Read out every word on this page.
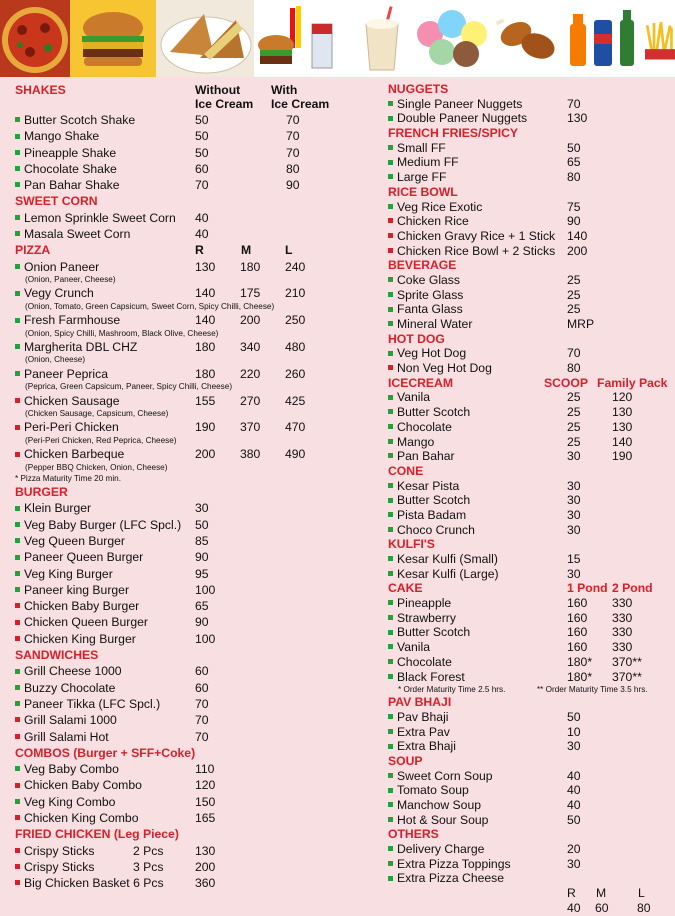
SHAKES	Without
Ice Cream
With
Ice Cream
Butter Scotch Shake	50	70
Mango Shake	50	70
Pineapple Shake	50	70
Chocolate Shake	60	80
Pan Bahar Shake	70	90
SWEET CORN
Lemon Sprinkle Sweet Corn 40
Masala Sweet Corn	40
PIZZA	R	M	L
Onion Paneer	130 180 240
(Onion, Paneer, Cheese)
Vegy Crunch	140 175 210
(Onion, Tomato, Green Capsicum, Sweet Corn, Spicy Chilli, Cheese)
Fresh Farmhouse	140 200 250
(Onion, Spicy Chilli, Mashroom, Black Olive, Cheese)
Margherita DBL CHZ	180 340 480
(Onion, Cheese)
Paneer Peprica	180 220 260
(Peprica, Green Capsicum, Paneer, Spicy Chilli, Cheese)
Chicken Sausage	155 270 425
(Chicken Sausage, Capsicum, Cheese)
Peri-Peri Chicken	190 370 470
(Peri-Peri Chicken, Red Peprica, Cheese)
Chicken Barbeque	200 380 490
(Pepper BBQ Chicken, Onion, Cheese)
* Pizza Maturity Time 20 min.
BURGER
Klein Burger	30
Veg Baby Burger (LFC Spcl.) 50
Veg Queen Burger	85
Paneer Queen Burger	90
Veg King Burger	95
Paneer king Burger	100
Chicken Baby Burger	65
Chicken Queen Burger	90
Chicken King Burger	100
SANDWICHES
Grill Cheese 1000	60
Buzzy Chocolate	60
Paneer Tikka (LFC Spcl.)	70
Grill Salami 1000	70
Grill Salami Hot	70
COMBOS (Burger + SFF+Coke)
Veg Baby Combo	110
Chicken Baby Combo	120
Veg King Combo	150
Chicken King Combo	165
FRIED CHICKEN (Leg Piece)
Crispy Sticks	2 Pcs	130
Crispy Sticks	3 Pcs	200
Big Chicken Basket 6 Pcs	360
NUGGETS
Single Paneer Nuggets	70
Double Paneer Nuggets	130
FRENCH FRIES/SPICY
Small FF	50
Medium FF	65
Large FF	80
RICE BOWL
Veg Rice Exotic	75
Chicken Rice	90
Chicken Gravy Rice + 1 Stick 140
Chicken Rice Bowl + 2 Sticks 200
BEVERAGE
Coke Glass	25
Sprite Glass	25
Fanta Glass	25
Mineral Water	MRP
HOT DOG
Veg Hot Dog	70
Non Veg Hot Dog	80
ICECREAM	SCOOP Family Pack
Vanila	25	120
Butter Scotch	25	130
Chocolate	25	130
Mango	25	140
Pan Bahar	30	190
CONE
Kesar Pista	30
Butter Scotch	30
Pista Badam	30
Choco Crunch	30
KULFI'S
Kesar Kulfi (Small)	15
Kesar Kulfi (Large)	30
CAKE	1 Pond 2 Pond
Pineapple	160 330
Strawberry	160 330
Butter Scotch	160 330
Vanila	160 330
Chocolate	180* 370**
Black Forest	180* 370**
* Order Maturity Time 2.5 hrs.	** Order Maturity Time 3.5 hrs.
PAV BHAJI
Pav Bhaji	50
Extra Pav	10
Extra Bhaji	30
SOUP
Sweet Corn Soup	40
Tomato Soup	40
Manchow Soup	40
Hot & Sour Soup	50
OTHERS
Delivery Charge	20
Extra Pizza Toppings	30
Extra Pizza Cheese
R M	L
40 60 80
